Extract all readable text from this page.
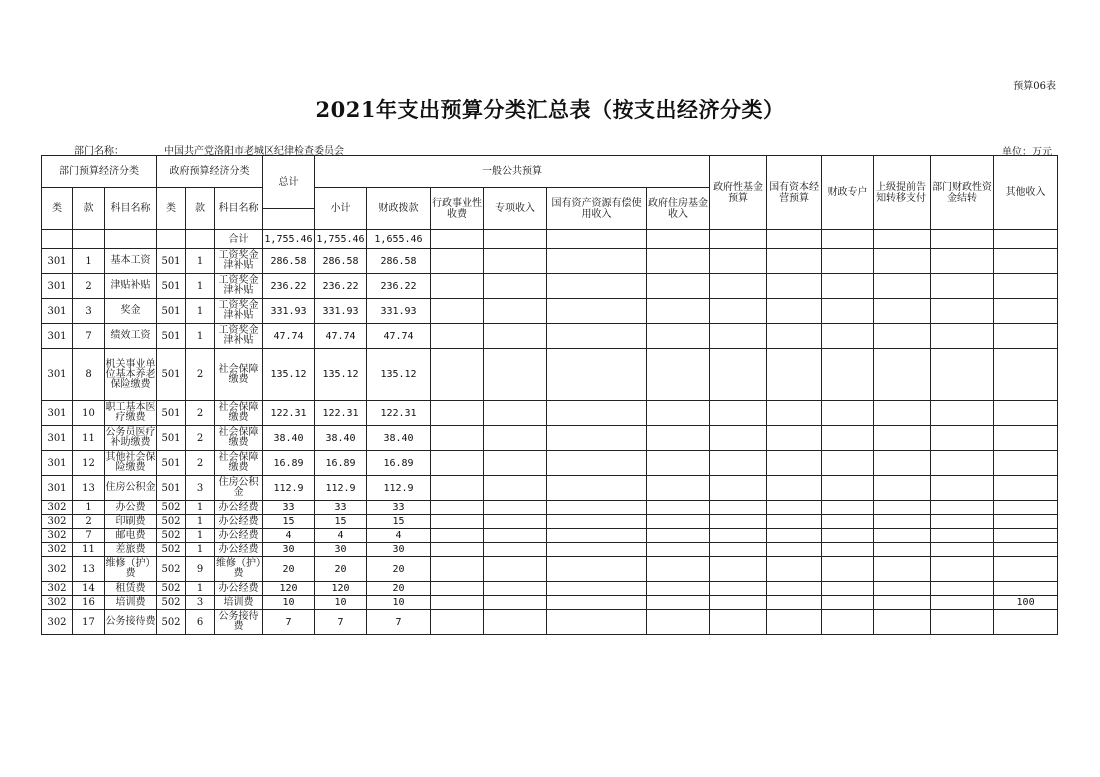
预算06表
2021年支出预算分类汇总表（按支出经济分类）
部门名称：	中国共产党洛阳市老城区纪律检查委员会	单位：万元
部门预算经济分类			政府预算经济分类			总计	一般公共预算						政府性基金预算	国有资本经营预算	财政专户	上级提前告知转移支付	部门财政性资金结转	其他收入
类	款	科目名称	类	款	科目名称		小计	财政拨款	行政事业性收费	专项收入	国有资产资源有偿使用收入	政府住房基金收入						

					合计	1,755.46	1,755.46	1,655.46										
301	1	基本工资	501	1	工资奖金津补贴	286.58	286.58	286.58										
301	2	津贴补贴	501	1	工资奖金津补贴	236.22	236.22	236.22										
301	3	奖金	501	1	工资奖金津补贴	331.93	331.93	331.93										
301	7	绩效工资	501	1	工资奖金津补贴	47.74	47.74	47.74										
301	8	机关事业单位基本养老保险缴费	501	2	社会保障缴费	135.12	135.12	135.12										
301	10	职工基本医疗缴费	501	2	社会保障缴费	122.31	122.31	122.31										
301	11	公务员医疗补助缴费	501	2	社会保障缴费	38.40	38.40	38.40										
301	12	其他社会保险缴费	501	2	社会保障缴费	16.89	16.89	16.89										
301	13	住房公积金	501	3	住房公积金	112.9	112.9	112.9										
302	1	办公费	502	1	办公经费	33	33	33										
302	2	印刷费	502	1	办公经费	15	15	15										
302	7	邮电费	502	1	办公经费	4	4	4										
302	11	差旅费	502	1	办公经费	30	30	30										
302	13	维修（护）费	502	9	维修（护）费	20	20	20										
302	14	租赁费	502	1	办公经费	120	120	20										
302	16	培训费	502	3	培训费	10	10	10										100
302	17	公务接待费	502	6	公务接待费	7	7	7										
